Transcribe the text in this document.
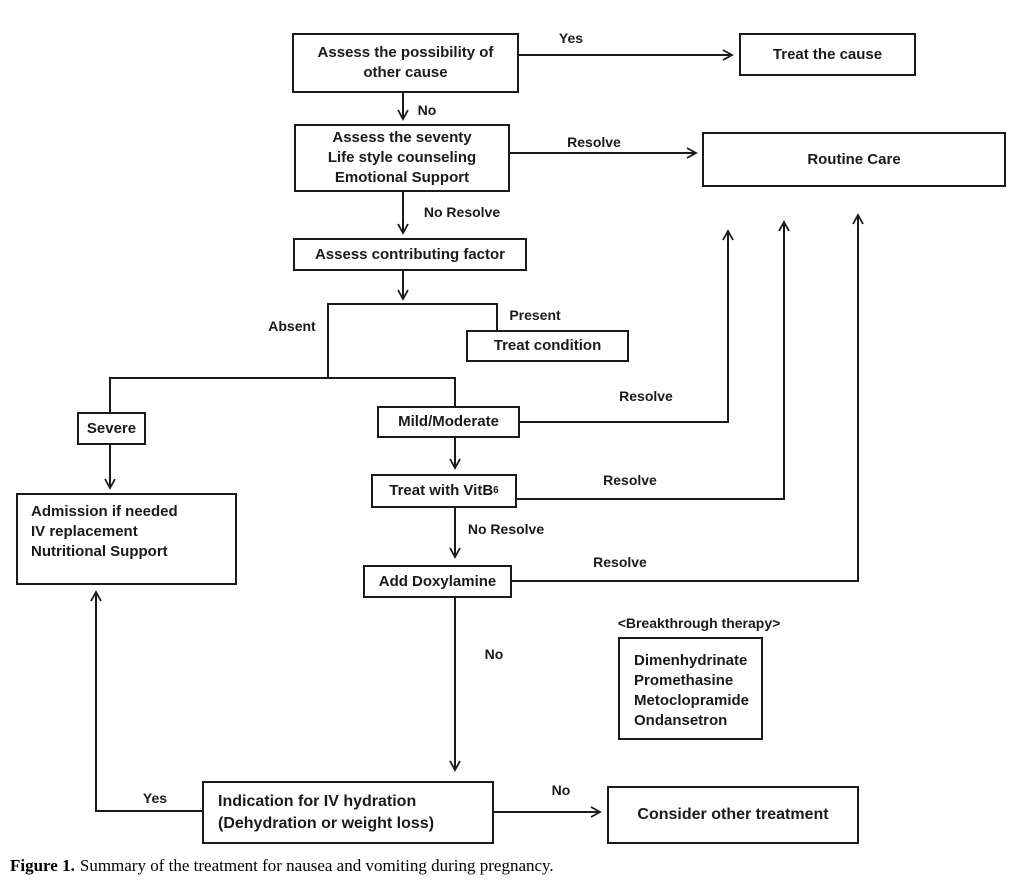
Assess the possibility of
other cause
Treat the cause
Assess the seventy
Life style counseling
Emotional Support
Routine Care
Assess contributing factor
Treat condition
Severe	Mild/Moderate
Admission if needed
IV replacement
Nutritional Support
Treat with VitB 6
Add Doxylamine
<Breakthrough therapy>
Dimenhydrinate
Promethasine
Metoclopramide
Ondansetron
Indication for IV hydration
(Dehydration or weight loss)	Consider other treatment
Yes
No
Resolve
No Resolve
Absent
Present
Resolve
Resolve
No Resolve
Resolve
No
No
Yes
Figure 1. Summary of the treatment for nausea and vomiting during pregnancy.
